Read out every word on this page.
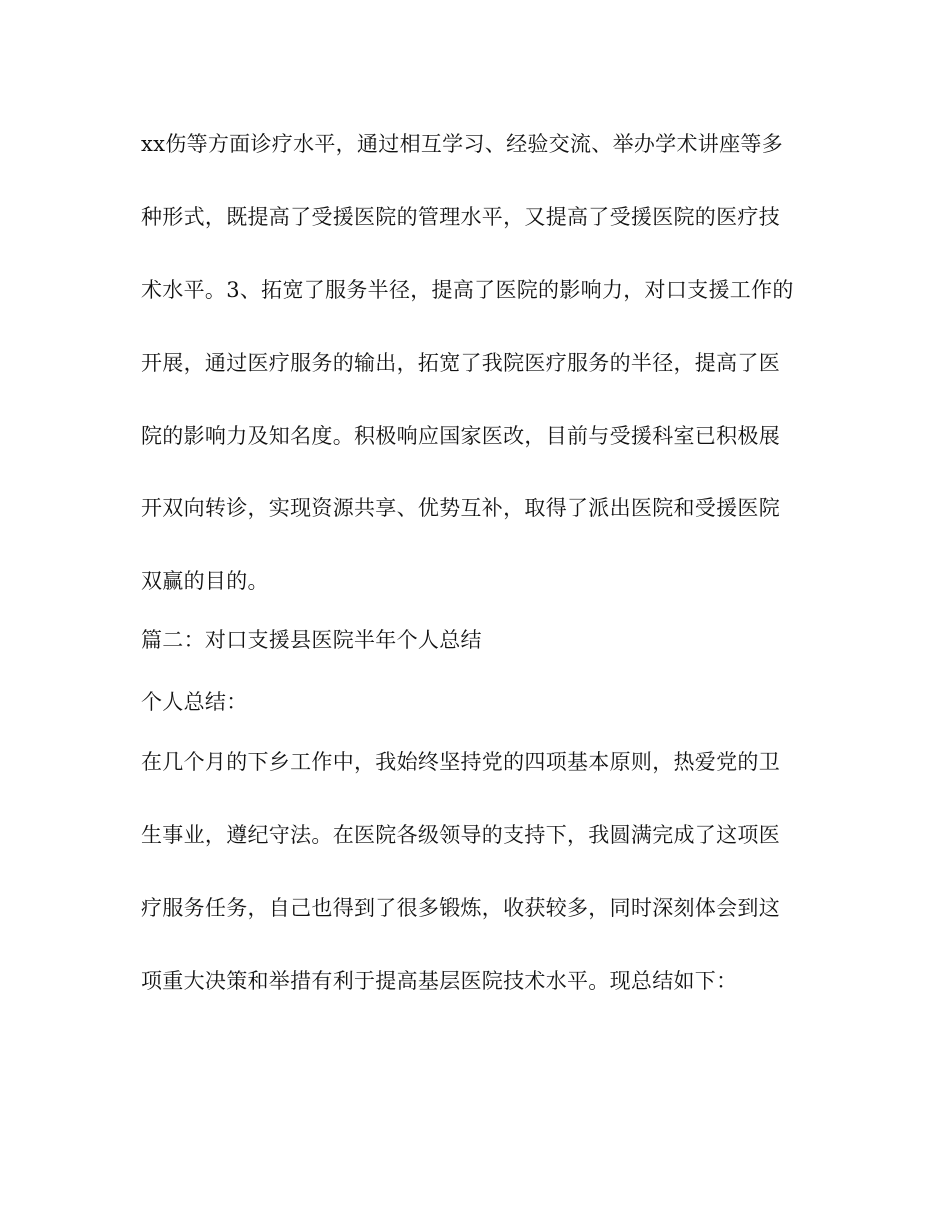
xx伤等方面诊疗水平，通过相互学习、经验交流、举办学术讲座等多

种形式，既提高了受援医院的管理水平，又提高了受援医院的医疗技

术水平。3、拓宽了服务半径，提高了医院的影响力，对口支援工作的

开展，通过医疗服务的输出，拓宽了我院医疗服务的半径，提高了医

院的影响力及知名度。积极响应国家医改，目前与受援科室已积极展

开双向转诊，实现资源共享、优势互补，取得了派出医院和受援医院

双赢的目的。

篇二：对口支援县医院半年个人总结

个人总结：

在几个月的下乡工作中，我始终坚持党的四项基本原则，热爱党的卫

生事业，遵纪守法。在医院各级领导的支持下，我圆满完成了这项医

疗服务任务，自己也得到了很多锻炼，收获较多，同时深刻体会到这

项重大决策和举措有利于提高基层医院技术水平。现总结如下：
